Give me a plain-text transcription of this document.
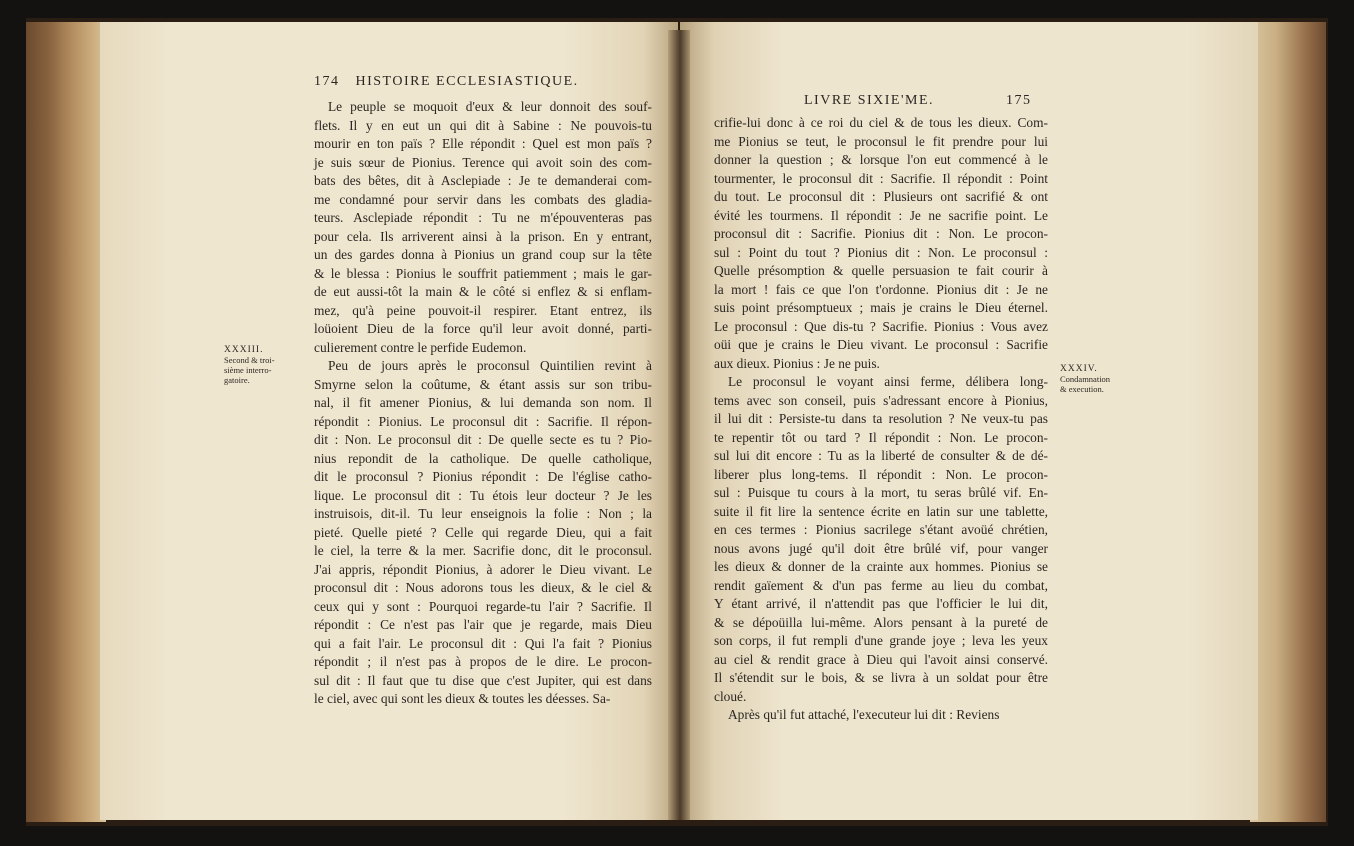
174 HISTOIRE ECCLESIASTIQUE.
LIVRE SIXIE'ME.	175
XXXIII.
Second & troi-
sième interro-
gatoire.
XXXIV.
Condamnation
& execution.
Le peuple se moquoit d'eux & leur donnoit des souf-
flets. Il y en eut un qui dit à Sabine : Ne pouvois-tu
mourir en ton païs ? Elle répondit : Quel est mon païs ?
je suis sœur de Pionius. Terence qui avoit soin des com-
bats des bêtes, dit à Asclepiade : Je te demanderai com-
me condamné pour servir dans les combats des gladia-
teurs. Asclepiade répondit : Tu ne m'épouventeras pas
pour cela. Ils arriverent ainsi à la prison. En y entrant,
un des gardes donna à Pionius un grand coup sur la tête
& le blessa : Pionius le souffrit patiemment ; mais le gar-
de eut aussi-tôt la main & le côté si enflez & si enflam-
mez, qu'à peine pouvoit-il respirer. Etant entrez, ils
loüoient Dieu de la force qu'il leur avoit donné, parti-
culierement contre le perfide Eudemon.
Peu de jours après le proconsul Quintilien revint à
Smyrne selon la coûtume, & étant assis sur son tribu-
nal, il fit amener Pionius, & lui demanda son nom. Il
répondit : Pionius. Le proconsul dit : Sacrifie. Il répon-
dit : Non. Le proconsul dit : De quelle secte es tu ? Pio-
nius repondit de la catholique. De quelle catholique,
dit le proconsul ? Pionius répondit : De l'église catho-
lique. Le proconsul dit : Tu étois leur docteur ? Je les
instruisois, dit-il. Tu leur enseignois la folie : Non ; la
pieté. Quelle pieté ? Celle qui regarde Dieu, qui a fait
le ciel, la terre & la mer. Sacrifie donc, dit le proconsul.
J'ai appris, répondit Pionius, à adorer le Dieu vivant. Le
proconsul dit : Nous adorons tous les dieux, & le ciel &
ceux qui y sont : Pourquoi regarde-tu l'air ? Sacrifie. Il
répondit : Ce n'est pas l'air que je regarde, mais Dieu
qui a fait l'air. Le proconsul dit : Qui l'a fait ? Pionius
répondit ; il n'est pas à propos de le dire. Le procon-
sul dit : Il faut que tu dise que c'est Jupiter, qui est dans
le ciel, avec qui sont les dieux & toutes les déesses. Sa-
crifie-lui donc à ce roi du ciel & de tous les dieux. Com-
me Pionius se teut, le proconsul le fit prendre pour lui
donner la question ; & lorsque l'on eut commencé à le
tourmenter, le proconsul dit : Sacrifie. Il répondit : Point
du tout. Le proconsul dit : Plusieurs ont sacrifié & ont
évité les tourmens. Il répondit : Je ne sacrifie point. Le
proconsul dit : Sacrifie. Pionius dit : Non. Le procon-
sul : Point du tout ? Pionius dit : Non. Le proconsul :
Quelle présomption & quelle persuasion te fait courir à
la mort ! fais ce que l'on t'ordonne. Pionius dit : Je ne
suis point présomptueux ; mais je crains le Dieu éternel.
Le proconsul : Que dis-tu ? Sacrifie. Pionius : Vous avez
oüi que je crains le Dieu vivant. Le proconsul : Sacrifie
aux dieux. Pionius : Je ne puis.
Le proconsul le voyant ainsi ferme, délibera long-
tems avec son conseil, puis s'adressant encore à Pionius,
il lui dit : Persiste-tu dans ta resolution ? Ne veux-tu pas
te repentir tôt ou tard ? Il répondit : Non. Le procon-
sul lui dit encore : Tu as la liberté de consulter & de dé-
liberer plus long-tems. Il répondit : Non. Le procon-
sul : Puisque tu cours à la mort, tu seras brûlé vif. En-
suite il fit lire la sentence écrite en latin sur une tablette,
en ces termes : Pionius sacrilege s'étant avoüé chrétien,
nous avons jugé qu'il doit être brûlé vif, pour vanger
les dieux & donner de la crainte aux hommes. Pionius se
rendit gaïement & d'un pas ferme au lieu du combat,
Y étant arrivé, il n'attendit pas que l'officier le lui dit,
& se dépoüilla lui-même. Alors pensant à la pureté de
son corps, il fut rempli d'une grande joye ; leva les yeux
au ciel & rendit grace à Dieu qui l'avoit ainsi conservé.
Il s'étendit sur le bois, & se livra à un soldat pour être
cloué.
Après qu'il fut attaché, l'executeur lui dit : Reviens
